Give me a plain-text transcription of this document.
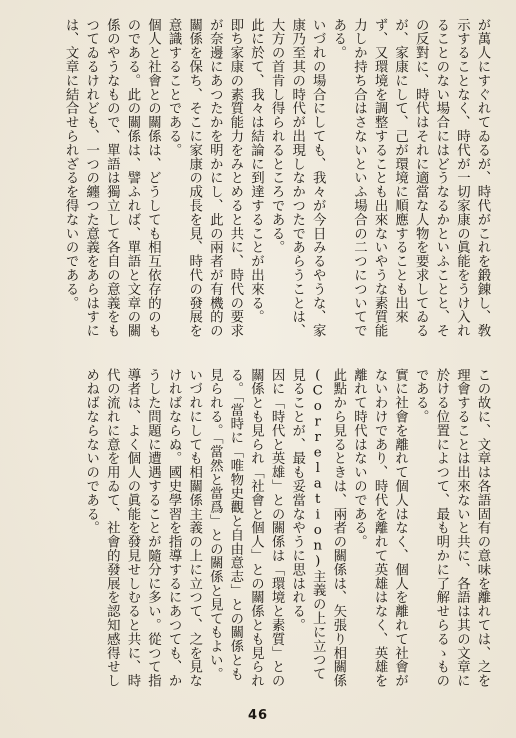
が萬人にすぐれてゐるが、時代がこれを鍛錬し、敎示することなく、時代が一切家康の眞能をうけ入れることのない場合にはどうなるかといふことと、その反對に、時代はそれに適當な人物を要求してゐるが、家康にして、己が環境に順應することも出來ず、又環境を調整することも出來ないやうな素質能力しか持ち合はさないといふ場合の二つについてである。

いづれの場合にしても、我々が今日みるやうな、家康乃至其の時代が出現しなかつたであらうことは、大方の首肯し得られるところである。

此に於て、我々は結論に到達することが出來る。

即ち家康の素質能力をみとめると共に、時代の要求が奈邊にあつたかを明かにし、此の兩者が有機的の關係を保ち、そこに家康の成長を見、時代の發展を意識することである。

個人と社會との關係は、どうしても相互依存的のものである。此の關係は、譬ふれば、單語と文章の關係のやうなもので、單語は獨立して各自の意義をもつてゐるけれども、一つの纏つた意義をあらはすには、文章に結合せられざるを得ないのである。

この故に、文章は各語固有の意味を離れては、之を理會することは出來ないと共に、各語は其の文章に於ける位置によつて、最も明かに了解せらるゝものである。

實に社會を離れて個人はなく、個人を離れて社會がないわけであり、時代を離れて英雄はなく、英雄を離れて時代はないのである。

此點から見るときは、兩者の關係は、矢張り相關係(Correlation)主義の上に立つて見ることが、最も妥當なやうに思はれる。

因に「時代と英雄」との關係は「環境と素質」との關係とも見られ「社會と個人」との關係とも見られる。「當時に「唯物史觀と自由意志」との關係とも見られる。「當然と當爲」との關係と見てもよい。

いづれにしても相關係主義の上に立つて、之を見なければならぬ。國史學習を指導するにあつても、かうした問題に遭遇することが隨分に多い。從つて指導者は、よく個人の眞能を發見せしむると共に、時代の流れに意を用ゐて、社會的發展を認知感得せしめねばならないのである。

46
